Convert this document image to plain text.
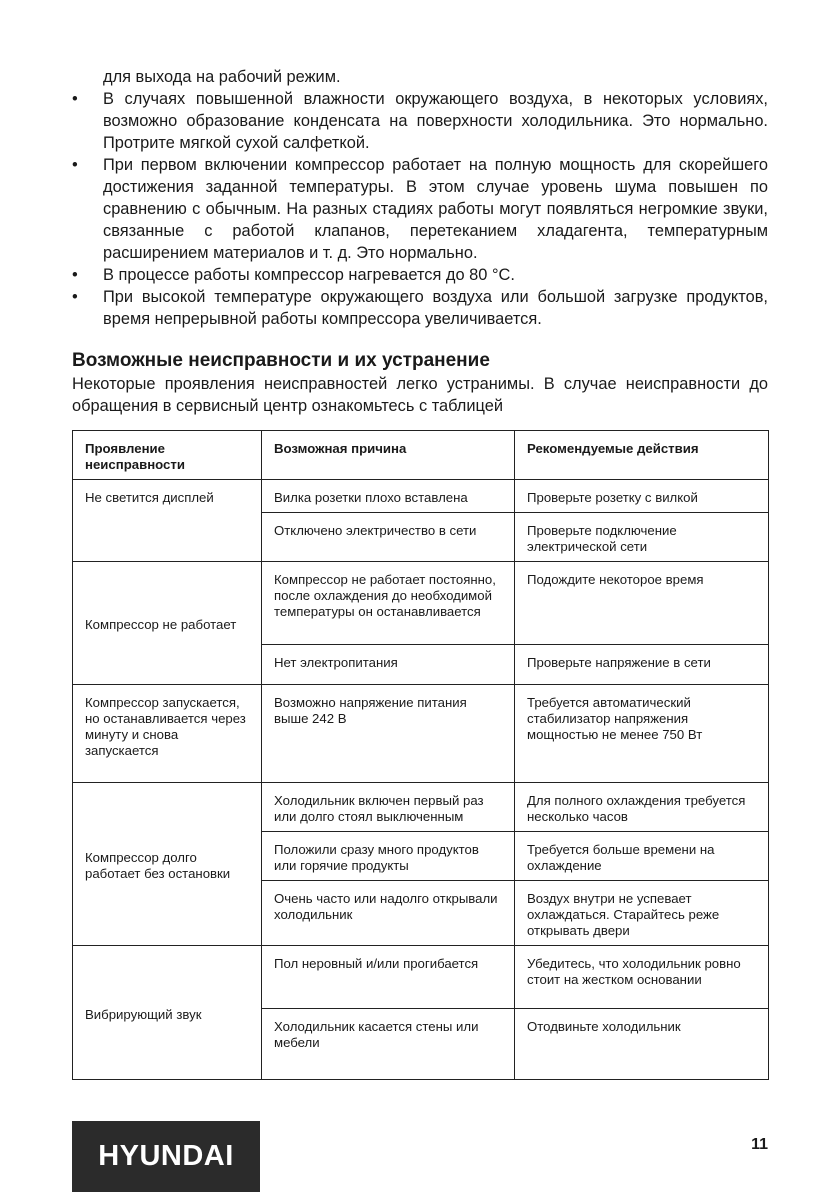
для выхода на рабочий режим.

• В случаях повышенной влажности окружающего воздуха, в некоторых условиях, возможно образование конденсата на поверхности холодильника. Это нормально. Протрите мягкой сухой салфеткой.
• При первом включении компрессор работает на полную мощность для скорейшего достижения заданной температуры. В этом случае уровень шума повышен по сравнению с обычным. На разных стадиях работы могут появляться негромкие звуки, связанные с работой клапанов, перетеканием хладагента, температурным расширением материалов и т. д. Это нормально.
• В процессе работы компрессор нагревается до 80 °С.
• При высокой температуре окружающего воздуха или большой загрузке продуктов, время непрерывной работы компрессора увеличивается.
Возможные неисправности и их устранение

Некоторые проявления неисправностей легко устранимы. В случае неисправности до обращения в сервисный центр ознакомьтесь с таблицей

Проявление неисправности	Возможная причина	Рекомендуемые действия
Не светится дисплей	Вилка розетки плохо вставлена	Проверьте розетку с вилкой
	Отключено электричество в сети	Проверьте подключение электрической сети
Компрессор не работает	Компрессор не работает постоянно, после охлаждения до необходимой температуры он останавливается	Подождите некоторое время
	Нет электропитания	Проверьте напряжение в сети
Компрессор запускается, но останавливается через минуту и снова запускается	Возможно напряжение питания выше 242 В	Требуется автоматический стабилизатор напряжения мощностью не менее 750 Вт
Компрессор долго работает без остановки	Холодильник включен первый раз или долго стоял выключенным	Для полного охлаждения требуется несколько часов
	Положили сразу много продуктов или горячие продукты	Требуется больше времени на охлаждение
	Очень часто или надолго открывали холодильник	Воздух внутри не успевает охлаждаться. Старайтесь реже открывать двери
Вибрирующий звук	Пол неровный и/или прогибается	Убедитесь, что холодильник ровно стоит на жестком основании
	Холодильник касается стены или мебели	Отодвиньте холодильник
HYUNDAI	11
